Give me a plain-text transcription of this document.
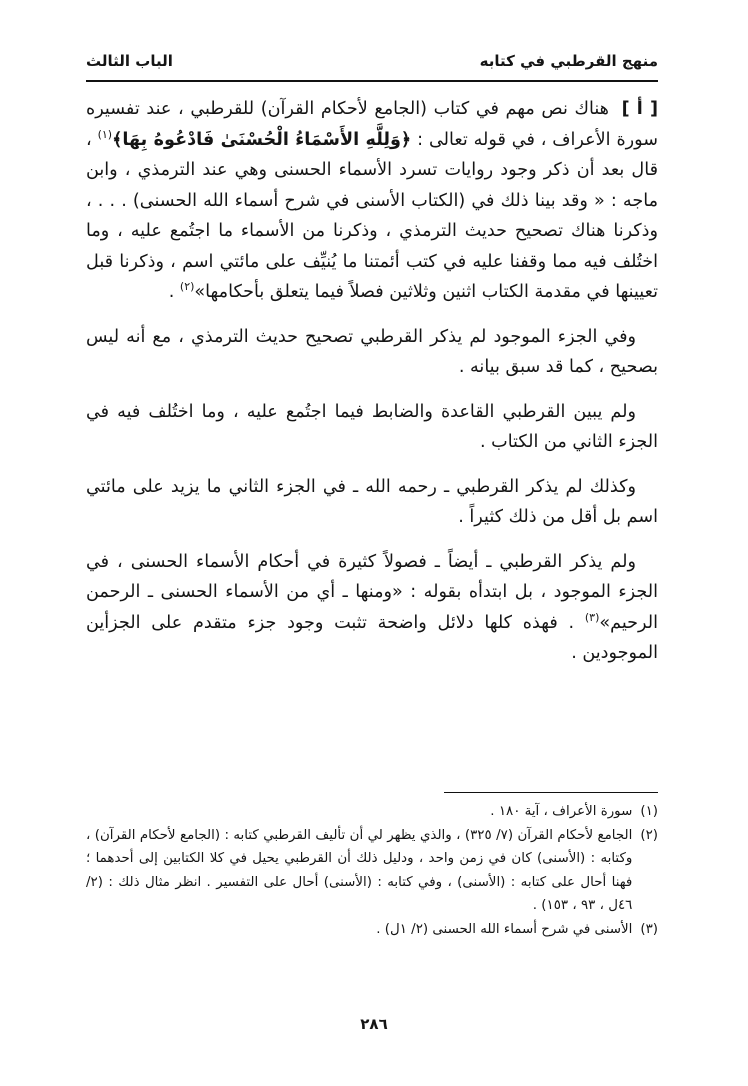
منهج القرطبي في كتابه
الباب الثالث

[ أ ] هناك نص مهم في كتاب (الجامع لأحكام القرآن) للقرطبي ، عند تفسيره سورة الأعراف ، في قوله تعالى : ﴿وَلِلَّهِ الأَسْمَاءُ الْحُسْنَىٰ فَادْعُوهُ بِهَا﴾$^{(١)}$ ، قال بعد أن ذكر وجود روايات تسرد الأسماء الحسنى وهي عند الترمذي ، وابن ماجه : « وقد بينا ذلك في (الكتاب الأسنى في شرح أسماء الله الحسنى) . . . ، وذكرنا هناك تصحيح حديث الترمذي ، وذكرنا من الأسماء ما اجتُمع عليه ، وما اختُلف فيه مما وقفنا عليه في كتب أئمتنا ما يُنيِّف على مائتي اسم ، وذكرنا قبل تعيينها في مقدمة الكتاب اثنين وثلاثين فصلاً فيما يتعلق بأحكامها»$^{(٢)}$ .

وفي الجزء الموجود لم يذكر القرطبي تصحيح حديث الترمذي ، مع أنه ليس بصحيح ، كما قد سبق بيانه .

ولم يبين القرطبي القاعدة والضابط فيما اجتُمع عليه ، وما اختُلف فيه في الجزء الثاني من الكتاب .

وكذلك لم يذكر القرطبي ـ رحمه الله ـ في الجزء الثاني ما يزيد على مائتي اسم بل أقل من ذلك كثيراً .

ولم يذكر القرطبي ـ أيضاً ـ فصولاً كثيرة في أحكام الأسماء الحسنى ، في الجزء الموجود ، بل ابتدأه بقوله : «ومنها ـ أي من الأسماء الحسنى ـ الرحمن الرحيم»$^{(٣)}$ . فهذه كلها دلائل واضحة تثبت وجود جزء متقدم على الجزأين الموجودين .

(١)
سورة الأعراف ، آية ١٨٠ .
(٢)
الجامع لأحكام القرآن (٧/ ٣٢٥) ، والذي يظهر لي أن تأليف القرطبي كتابه : (الجامع لأحكام القرآن) ، وكتابه : (الأسنى) كان في زمن واحد ، ودليل ذلك أن القرطبي يحيل في كلا الكتابين إلى أحدهما ؛ فهنا أحال على كتابه : (الأسنى) ، وفي كتابه : (الأسنى) أحال على التفسير . انظر مثال ذلك : (٢/ ٤٦ل ، ٩٣ ، ١٥٣) .
(٣)
الأسنى في شرح أسماء الله الحسنى (٢/ ١ل) .
٢٨٦
